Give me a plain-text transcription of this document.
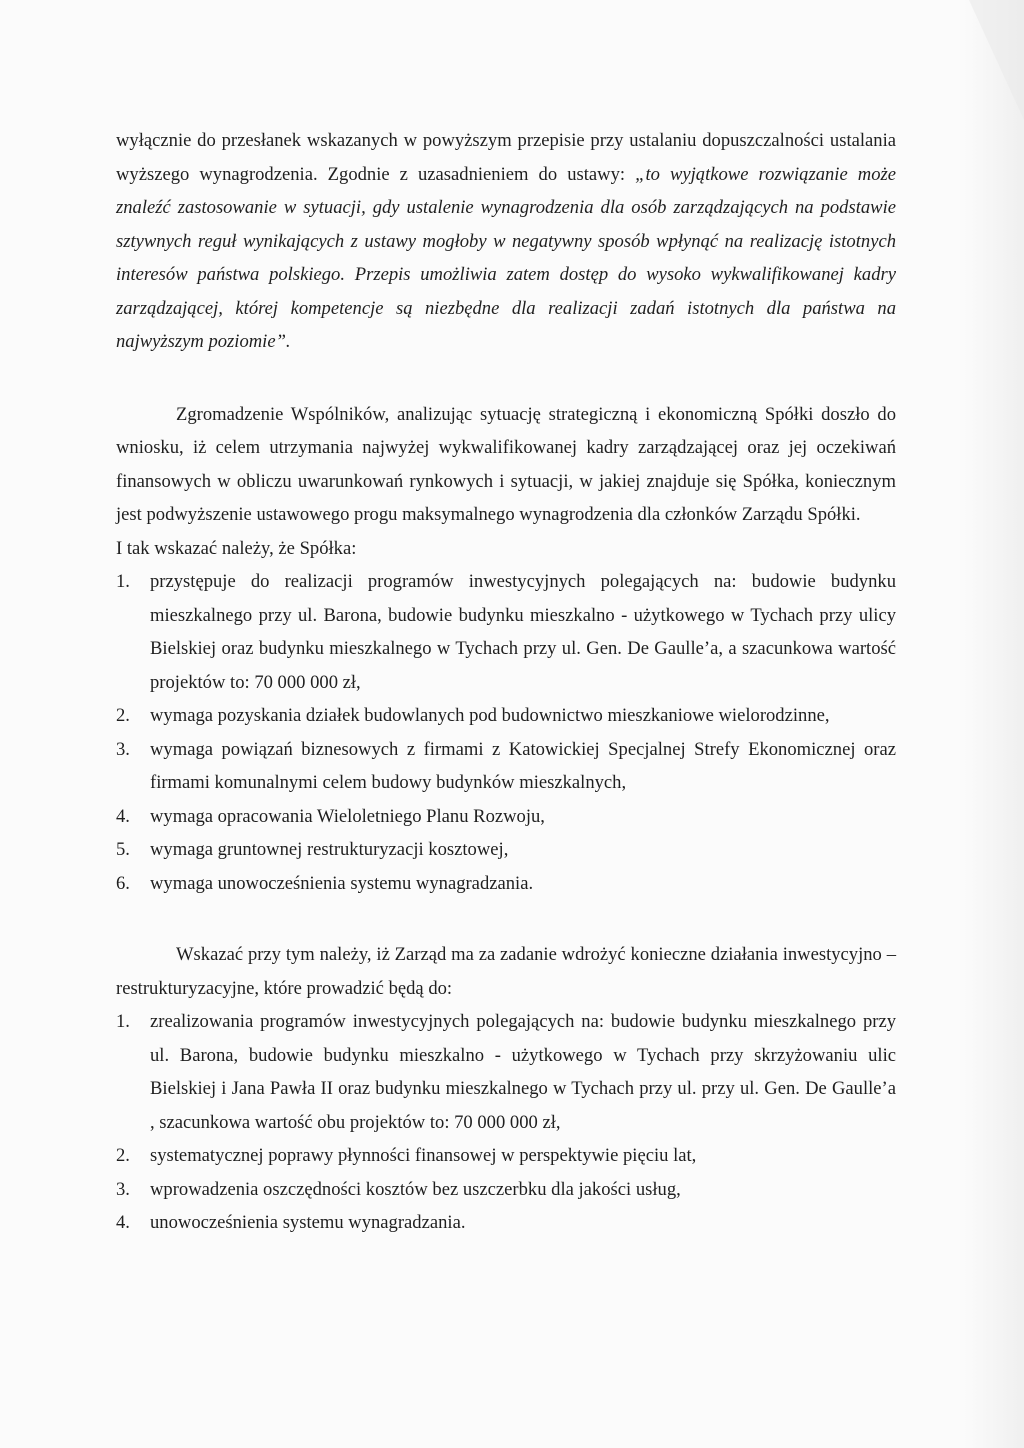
wyłącznie do przesłanek wskazanych w powyższym przepisie przy ustalaniu dopuszczalności ustalania wyższego wynagrodzenia. Zgodnie z uzasadnieniem do ustawy: „to wyjątkowe rozwiązanie może znaleźć zastosowanie w sytuacji, gdy ustalenie wynagrodzenia dla osób zarządzających na podstawie sztywnych reguł wynikających z ustawy mogłoby w negatywny sposób wpłynąć na realizację istotnych interesów państwa polskiego. Przepis umożliwia zatem dostęp do wysoko wykwalifikowanej kadry zarządzającej, której kompetencje są niezbędne dla realizacji zadań istotnych dla państwa na najwyższym poziomie”.

Zgromadzenie Wspólników, analizując sytuację strategiczną i ekonomiczną Spółki doszło do wniosku, iż celem utrzymania najwyżej wykwalifikowanej kadry zarządzającej oraz jej oczekiwań finansowych w obliczu uwarunkowań rynkowych i sytuacji, w jakiej znajduje się Spółka, koniecznym jest podwyższenie ustawowego progu maksymalnego wynagrodzenia dla członków Zarządu Spółki.

I tak wskazać należy, że Spółka:

1. przystępuje do realizacji programów inwestycyjnych polegających na: budowie budynku mieszkalnego przy ul. Barona, budowie budynku mieszkalno - użytkowego w Tychach przy ulicy Bielskiej oraz budynku mieszkalnego w Tychach przy ul. Gen. De Gaulle’a, a szacunkowa wartość projektów to: 70 000 000 zł,
2. wymaga pozyskania działek budowlanych pod budownictwo mieszkaniowe wielorodzinne,
3. wymaga powiązań biznesowych z firmami z Katowickiej Specjalnej Strefy Ekonomicznej oraz firmami komunalnymi celem budowy budynków mieszkalnych,
4. wymaga opracowania Wieloletniego Planu Rozwoju,
5. wymaga gruntownej restrukturyzacji kosztowej,
6. wymaga unowocześnienia systemu wynagradzania.

Wskazać przy tym należy, iż Zarząd ma za zadanie wdrożyć konieczne działania inwestycyjno – restrukturyzacyjne, które prowadzić będą do:

1. zrealizowania programów inwestycyjnych polegających na: budowie budynku mieszkalnego przy ul. Barona, budowie budynku mieszkalno - użytkowego w Tychach przy skrzyżowaniu ulic Bielskiej i Jana Pawła II oraz budynku mieszkalnego w Tychach przy ul. przy ul. Gen. De Gaulle’a , szacunkowa wartość obu projektów to: 70 000 000 zł,
2. systematycznej poprawy płynności finansowej w perspektywie pięciu lat,
3. wprowadzenia oszczędności kosztów bez uszczerbku dla jakości usług,
4. unowocześnienia systemu wynagradzania.
